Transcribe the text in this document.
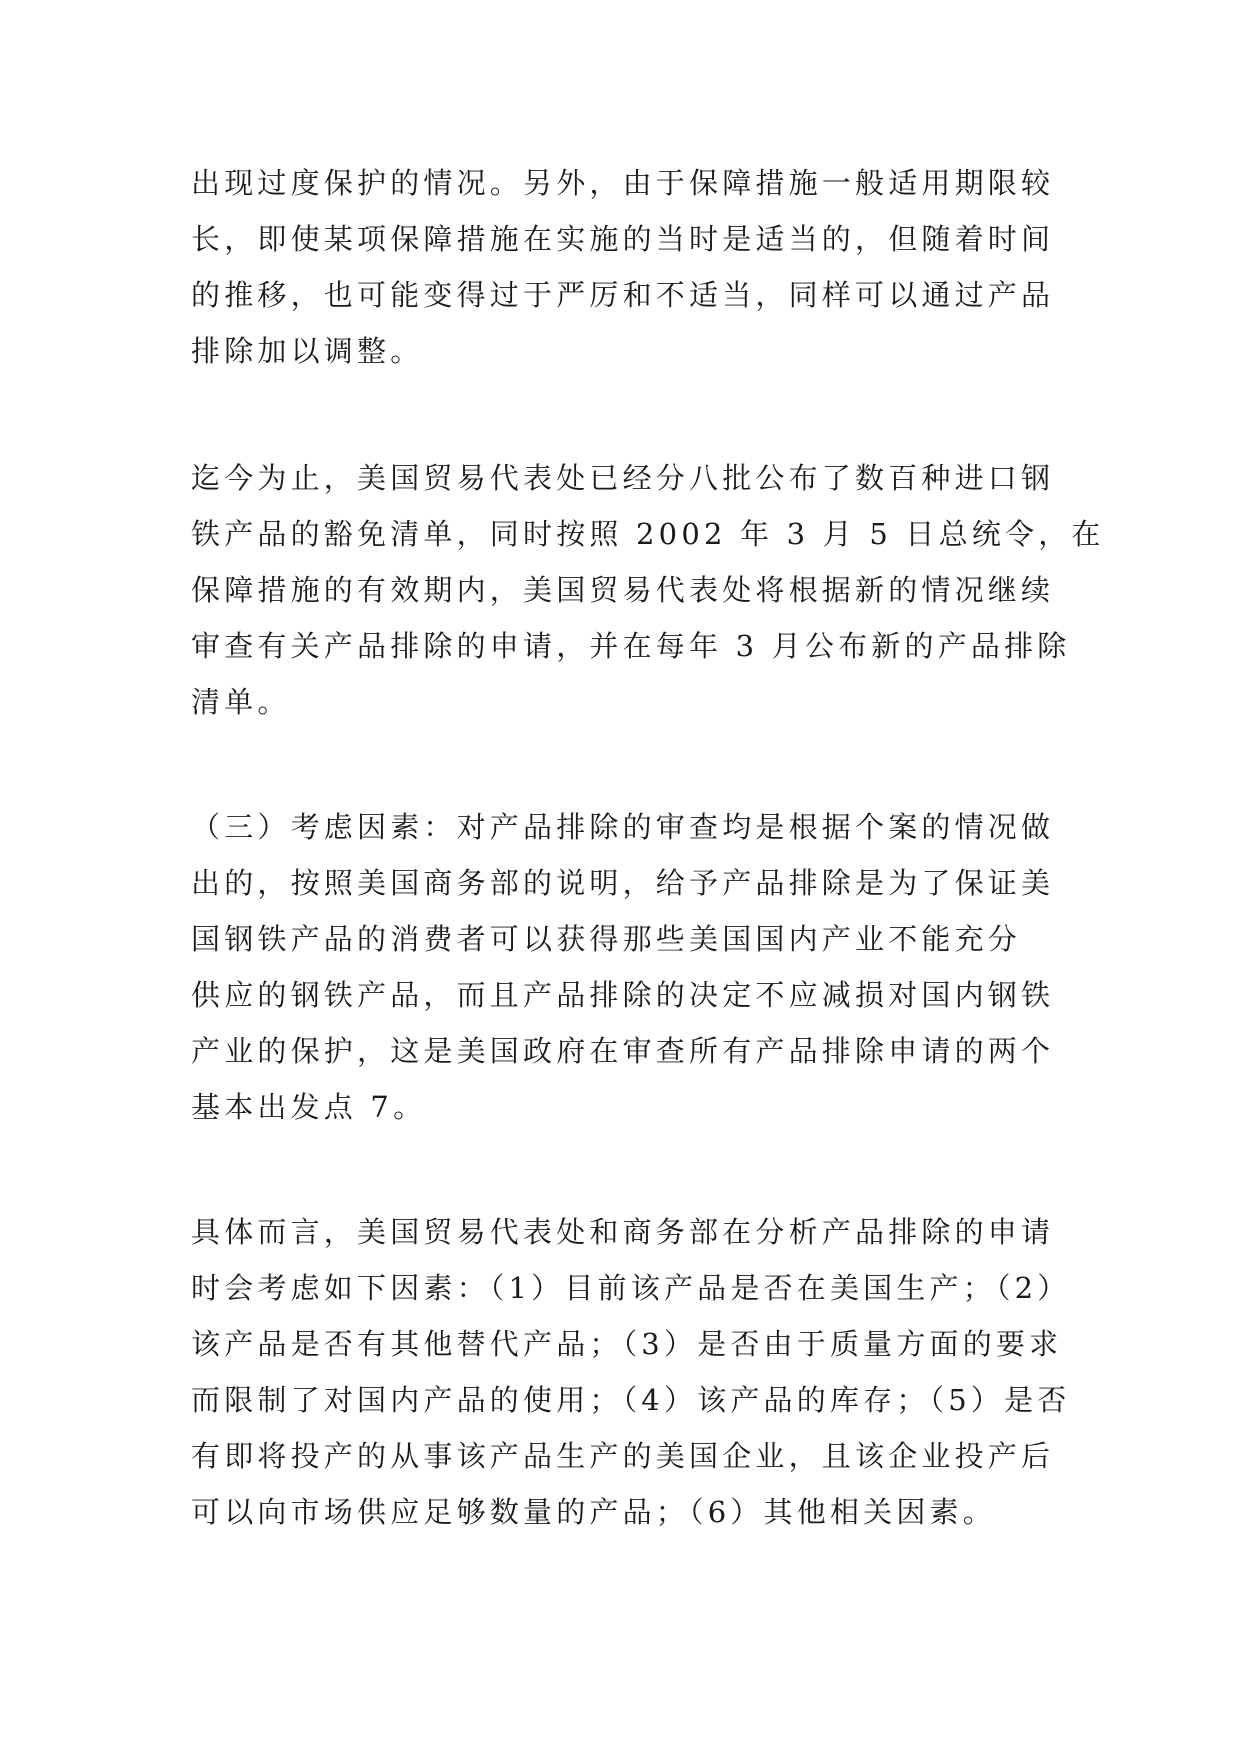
出现过度保护的情况。另外，由于保障措施一般适用期限较
长，即使某项保障措施在实施的当时是适当的，但随着时间
的推移，也可能变得过于严厉和不适当，同样可以通过产品
排除加以调整。

迄今为止，美国贸易代表处已经分八批公布了数百种进口钢
铁产品的豁免清单，同时按照 2002 年 3 月 5 日总统令，在
保障措施的有效期内，美国贸易代表处将根据新的情况继续
审查有关产品排除的申请，并在每年 3 月公布新的产品排除
清单。

（三）考虑因素：对产品排除的审查均是根据个案的情况做
出的，按照美国商务部的说明，给予产品排除是为了保证美
国钢铁产品的消费者可以获得那些美国国内产业不能充分
供应的钢铁产品，而且产品排除的决定不应减损对国内钢铁
产业的保护，这是美国政府在审查所有产品排除申请的两个
基本出发点 7。

具体而言，美国贸易代表处和商务部在分析产品排除的申请
时会考虑如下因素：（1）目前该产品是否在美国生产；（2）
该产品是否有其他替代产品；（3）是否由于质量方面的要求
而限制了对国内产品的使用；（4）该产品的库存；（5）是否
有即将投产的从事该产品生产的美国企业，且该企业投产后
可以向市场供应足够数量的产品；（6）其他相关因素。
